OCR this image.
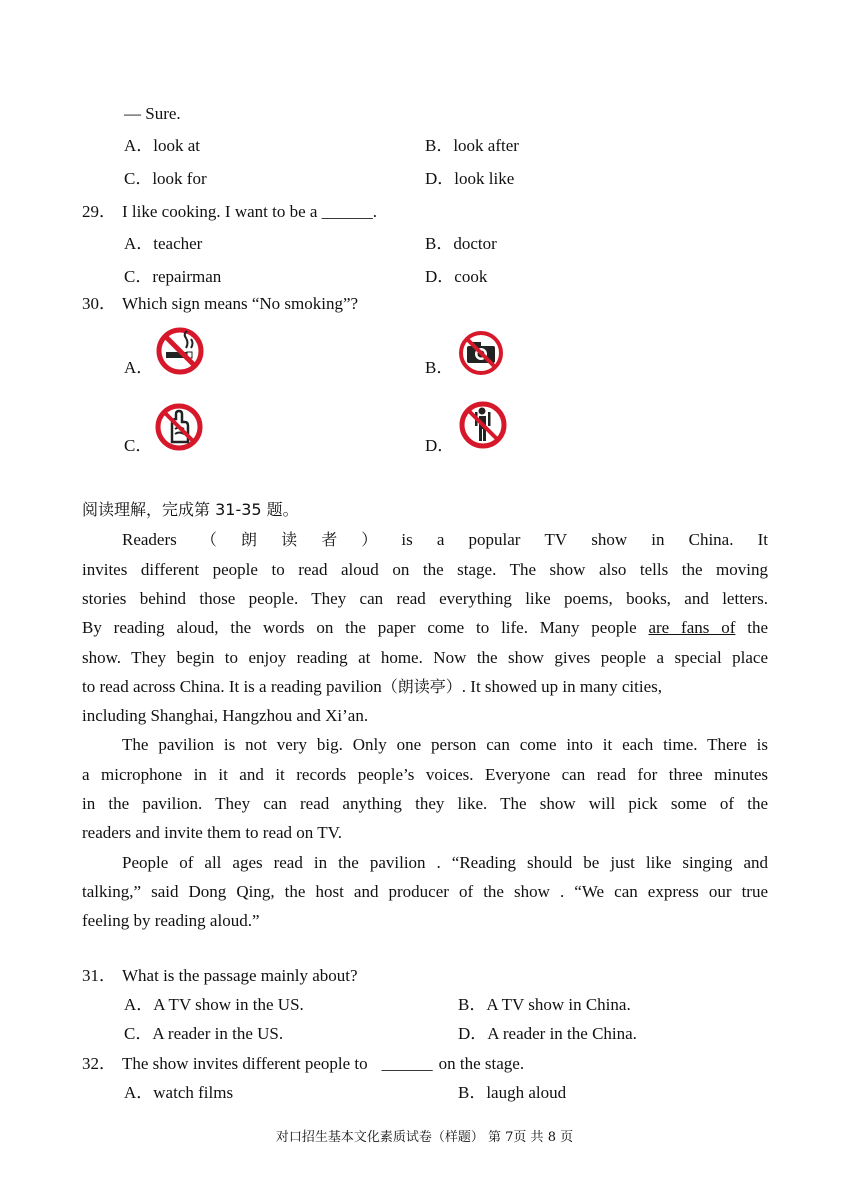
— Sure.
A．look at	B．look after
C．look for	D．look like
29． I like cooking. I want to be a ______.
A．teacher	B．doctor
C．repairman	D．cook
30． Which sign means “No smoking”?
A．	B．
C．	D．
阅读理解，完成第 31-35 题。
Readers （ 朗 读 者 ） is a popular TV show in China. It
invites different people to read aloud on the stage. The show also tells the moving
stories behind those people. They can read everything like poems, books, and letters.
By reading aloud, the words on the paper come to life. Many people are fans of the
show. They begin to enjoy reading at home. Now the show gives people a special place
to read across China. It is a reading pavilion（朗读亭）. It showed up in many cities,
including Shanghai, Hangzhou and Xi’an.
The pavilion is not very big. Only one person can come into it each time. There is
a microphone in it and it records people’s voices. Everyone can read for three minutes
in the pavilion. They can read anything they like. The show will pick some of the
readers and invite them to read on TV.
People of all ages read in the pavilion . “Reading should be just like singing and
talking,” said Dong Qing, the host and producer of the show . “We can express our true
feeling by reading aloud.”
31． What is the passage mainly about?
A．A TV show in the US.	B．A TV show in China.
C．A reader in the US.	D．A reader in the China.
32． The show invites different people to ______ on the stage.
A．watch films	B．laugh aloud
对口招生基本文化素质试卷（样题） 第 7页 共 8 页
